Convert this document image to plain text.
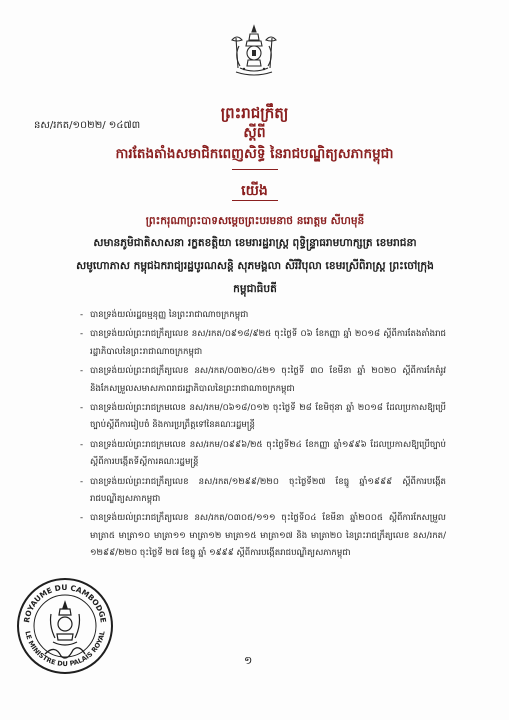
នស/រកត/១០២២/ ១៤៧៣
ព្រះរាជក្រឹត្យ
ស្តីពី
ការតែងតាំងសមាជិកពេញសិទ្ធិ នៃរាជបណ្ឌិត្យសភាកម្ពុជា
យើង
ព្រះករុណាព្រះបាទសម្តេចព្រះបរមនាថ នរោត្តម សីហមុនី
សមានភូមិជាតិសាសនា រក្ខតខត្តិយា ខេមរារដ្ឋរាស្ត្រ ពុទ្ធិន្ទ្រាធរាមហាក្សត្រ ខេមរាជនា សមូហោភាស កម្ពុជឯករាជ្យរដ្ឋបូរណសន្តិ សុភមង្គលា សិរីវិបុលា ខេមរស្រីពិរាស្ត្រ ព្រះចៅក្រុងកម្ពុជាធិបតី
- បានទ្រង់យល់រដ្ឋធម្មនុញ្ញ នៃព្រះរាជាណាចក្រកម្ពុជា
- បានទ្រង់យល់ព្រះរាជក្រឹត្យលេខ នស/រកត/០៩១៨/៩២៥ ចុះថ្ងៃទី ០៦ ខែកញ្ញា ឆ្នាំ ២០១៨ ស្តីពីការតែងតាំងរាជរដ្ឋាភិបាលនៃព្រះរាជាណាចក្រកម្ពុជា
- បានទ្រង់យល់ព្រះរាជក្រឹត្យលេខ នស/រកត/០៣២០/៤២១ ចុះថ្ងៃទី ៣០ ខែមីនា ឆ្នាំ ២០២០ ស្តីពីការកែតំរូវ និងកែសម្រួលសមាសភាពរាជរដ្ឋាភិបាលនៃព្រះរាជាណាចក្រកម្ពុជា
- បានទ្រង់យល់ព្រះរាជក្រមលេខ នស/រកម/០៦១៨/០១២ ចុះថ្ងៃទី ២៨ ខែមិថុនា ឆ្នាំ ២០១៨ ដែលប្រកាសឱ្យប្រើច្បាប់ស្តីពីការរៀបចំ និងការប្រព្រឹត្តទៅនៃគណៈរដ្ឋមន្ត្រី
- បានទ្រង់យល់ព្រះរាជក្រមលេខ នស/រកម/០៩៩៦/២៥ ចុះថ្ងៃទី២៤ ខែកញ្ញា ឆ្នាំ១៩៩៦ ដែលប្រកាសឱ្យប្រើច្បាប់ស្តីពីការបង្កើតទីស្តីការគណៈរដ្ឋមន្ត្រី
- បានទ្រង់យល់ព្រះរាជក្រឹត្យលេខ នស/រកត/១២៩៩/២២០ ចុះថ្ងៃទី២៧ ខែធ្នូ ឆ្នាំ១៩៩៩ ស្តីពីការបង្កើតរាជបណ្ឌិត្យសភាកម្ពុជា
- បានទ្រង់យល់ព្រះរាជក្រឹត្យលេខ នស/រកត/០៣០៥/១១១ ចុះថ្ងៃទី០៤ ខែមីនា ឆ្នាំ២០០៥ ស្តីពីការកែសម្រួលមាត្រា៥ មាត្រា១០ មាត្រា១១ មាត្រា១២ មាត្រា១៥ មាត្រា១៧ និង មាត្រា២០ នៃព្រះរាជក្រឹត្យលេខ នស/រកត/១២៩៩/២២០ ចុះថ្ងៃទី ២៧ ខែធ្នូ ឆ្នាំ ១៩៩៩ ស្តីពីការបង្កើតរាជបណ្ឌិត្យសភាកម្ពុជា
ROYAUME DU CAMBODGE
LE MINISTRE DU PALAIS ROYAL
១
